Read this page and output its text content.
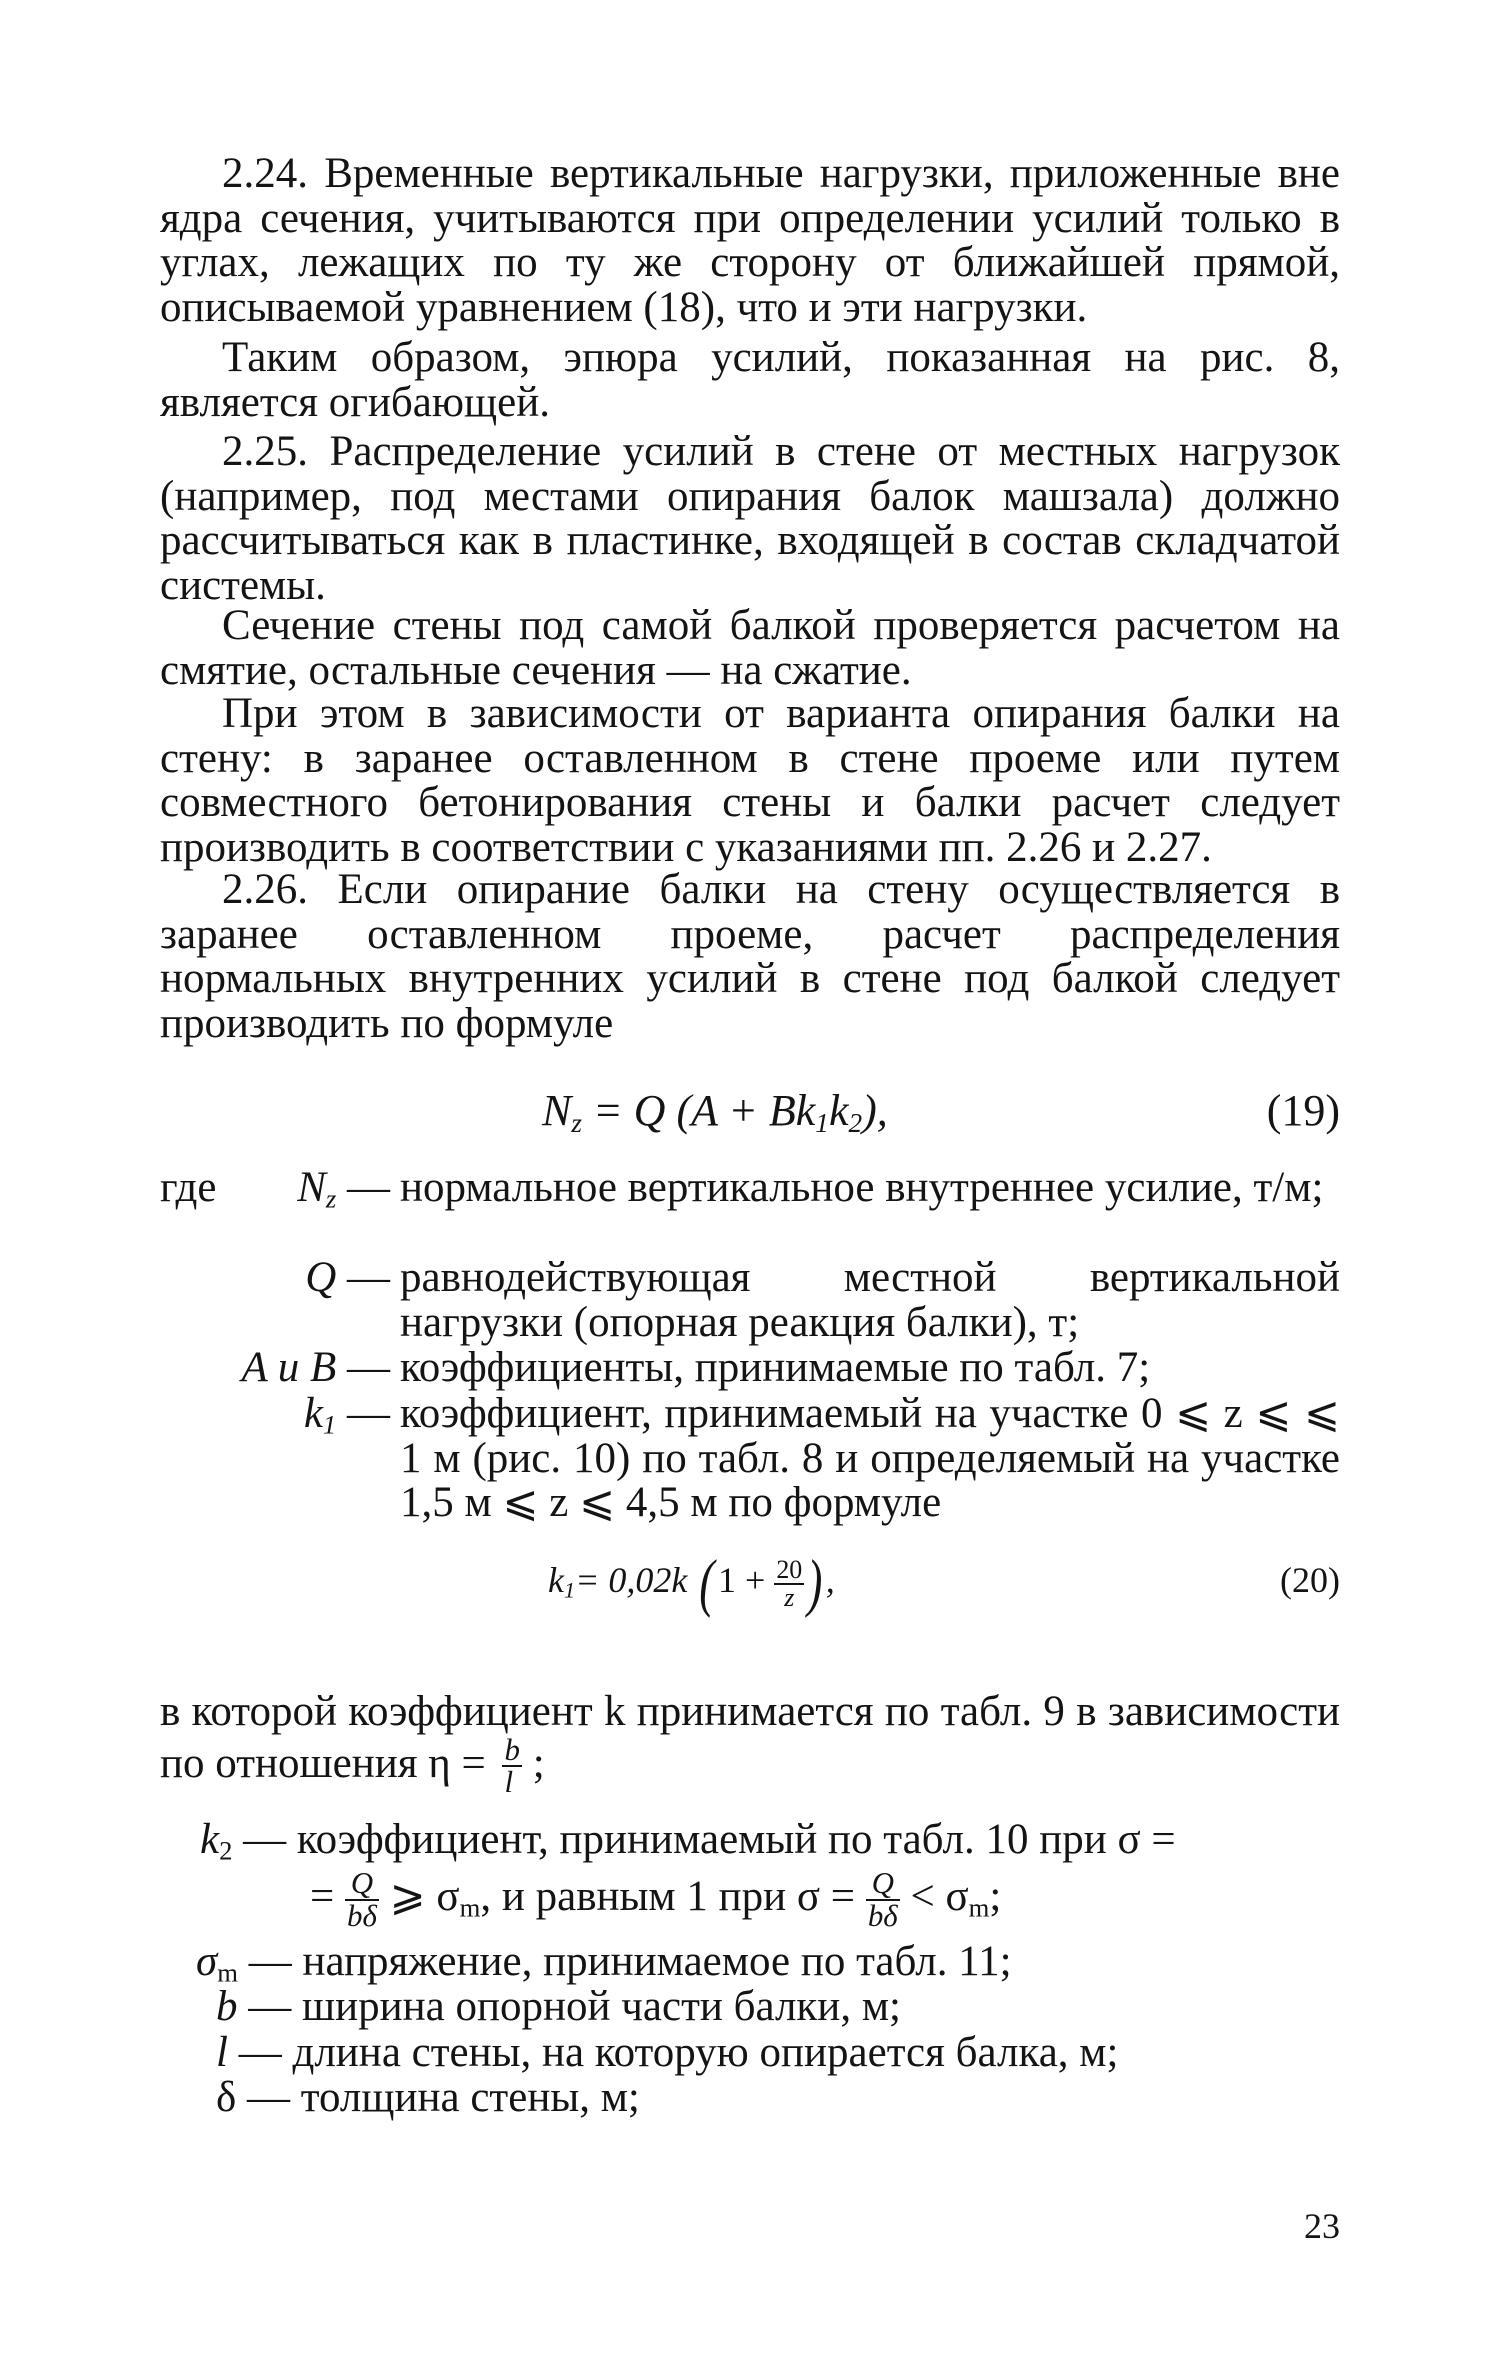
2.24. Временные вертикальные нагрузки, приложенные вне ядра сечения, учитываются при определении усилий только в углах, лежащих по ту же сторону от ближайшей прямой, описываемой уравнением (18), что и эти нагрузки.

Таким образом, эпюра усилий, показанная на рис. 8, является огибающей.

2.25. Распределение усилий в стене от местных нагрузок (например, под местами опирания балок машзала) должно рассчитываться как в пластинке, входящей в состав складчатой системы.

Сечение стены под самой балкой проверяется расчетом на смятие, остальные сечения — на сжатие.

При этом в зависимости от варианта опирания балки на стену: в заранее оставленном в стене проеме или путем совместного бетонирования стены и балки расчет следует производить в соответствии с указаниями пп. 2.26 и 2.27.

2.26. Если опирание балки на стену осуществляется в заранее оставленном проеме, расчет распределения нормальных внутренних усилий в стене под балкой следует производить по формуле

$N_z = Q$ $(A + Bk_1k_2)$,	(19)
где	$N_z$ — нормальное вертикальное внутреннее усилие, т/м;
Q — равнодействующая местной вертикальной нагрузки (опорная реакция балки), т;
A и B — коэффициенты, принимаемые по табл. 7;
$k_1$ — коэффициент, принимаемый на участке 0 ⩽ z ⩽ ⩽ 1 м (рис. 10) по табл. 8 и определяемый на участке 1,5 м ⩽ z ⩽ 4,5 м по формуле
$k_1= 0,02k$ ($1 + \frac{20}{z}$ ),	(20)

в которой коэффициент k принимается по табл. 9 в зависимости по отношения $\eta = \frac{b}{l}$ ;

$k_2$ — коэффициент, принимаемый по табл. 10 при σ =
= $\frac{Q}{b\delta}$ ⩾ $\sigma_m$, и равным 1 при $\sigma = \frac{Q}{b\delta} < \sigma_m$;
$\sigma_m$ — напряжение, принимаемое по табл. 11;
b — ширина опорной части балки, м;
l — длина стены, на которую опирается балка, м;
δ — толщина стены, м;
23
